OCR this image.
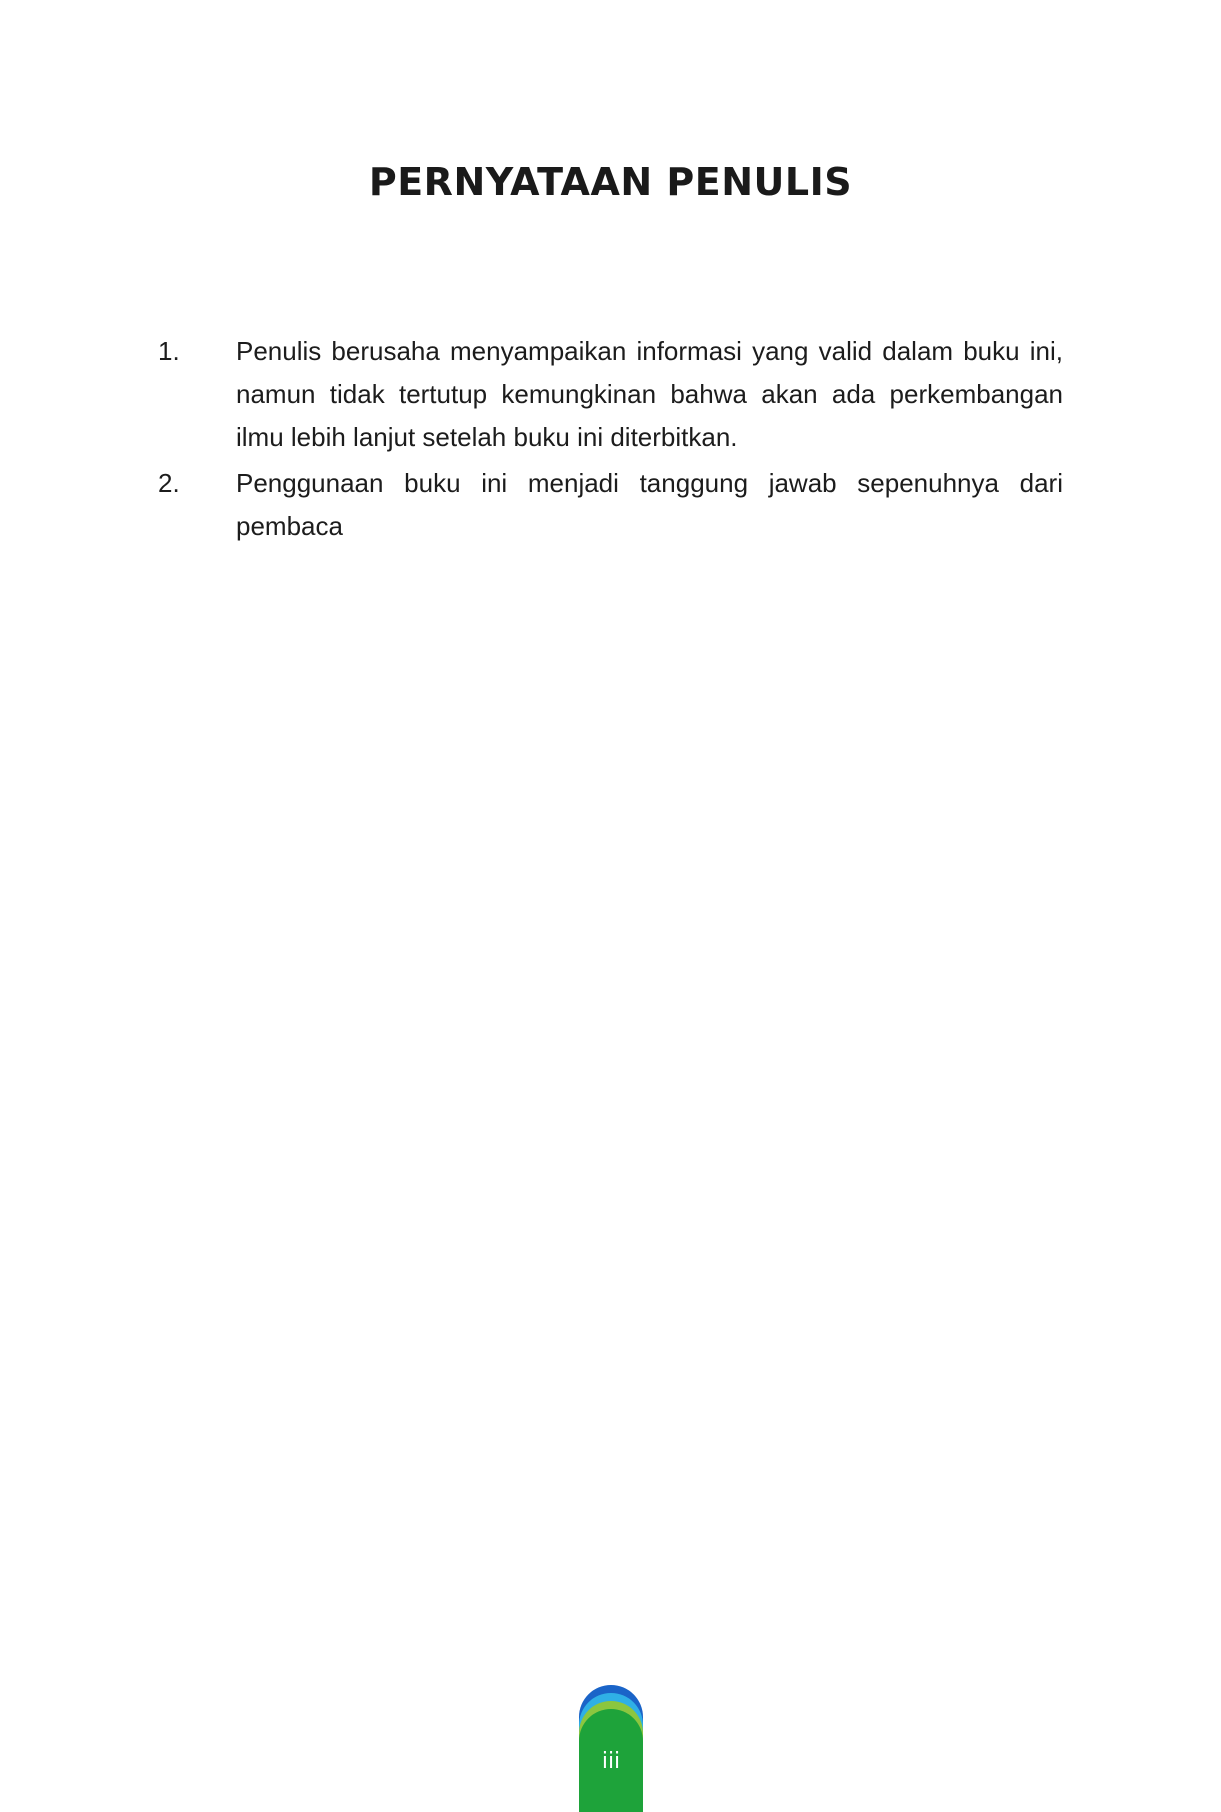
PERNYATAAN PENULIS
1.	Penulis berusaha menyampaikan informasi yang valid dalam buku ini, namun tidak tertutup kemungkinan bahwa akan ada perkembangan ilmu lebih lanjut setelah buku ini diterbitkan.
2.	Penggunaan buku ini menjadi tanggung jawab sepenuhnya dari pembaca
iii
